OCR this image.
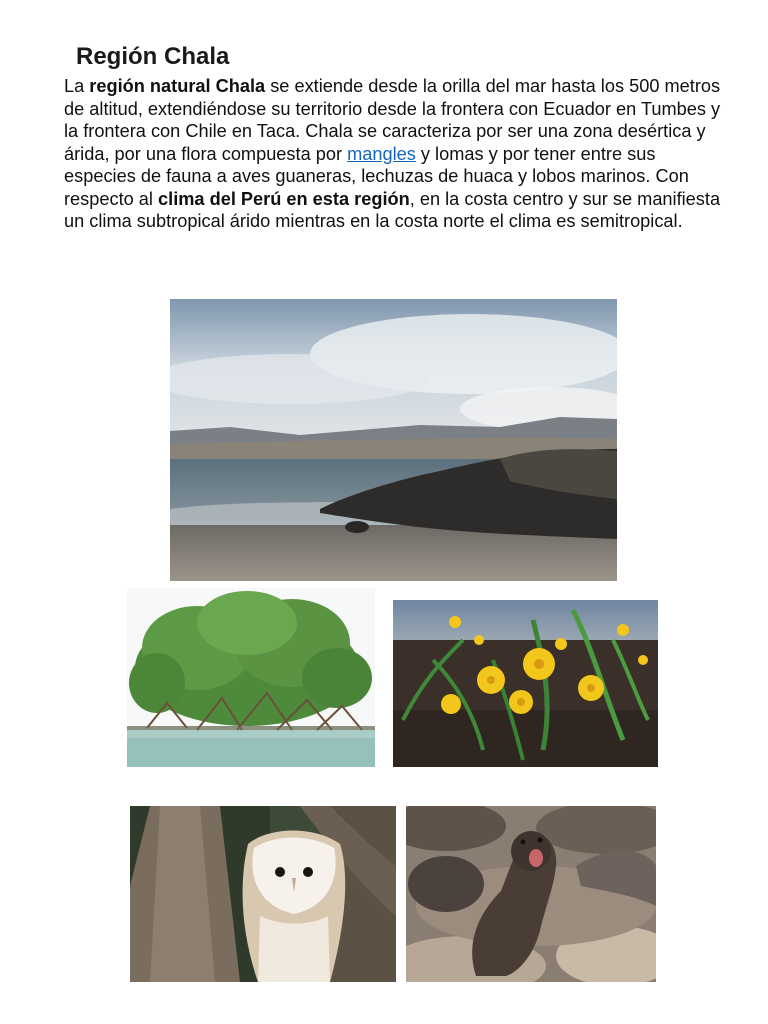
Región Chala

La región natural Chala se extiende desde la orilla del mar hasta los 500 metros de altitud, extendiéndose su territorio desde la frontera con Ecuador en Tumbes y la frontera con Chile en Taca. Chala se caracteriza por ser una zona desértica y árida, por una flora compuesta por mangles y lomas y por tener entre sus especies de fauna a aves guaneras, lechuzas de huaca y lobos marinos. Con respecto al clima del Perú en esta región, en la costa centro y sur se manifiesta un clima subtropical árido mientras en la costa norte el clima es semitropical.
